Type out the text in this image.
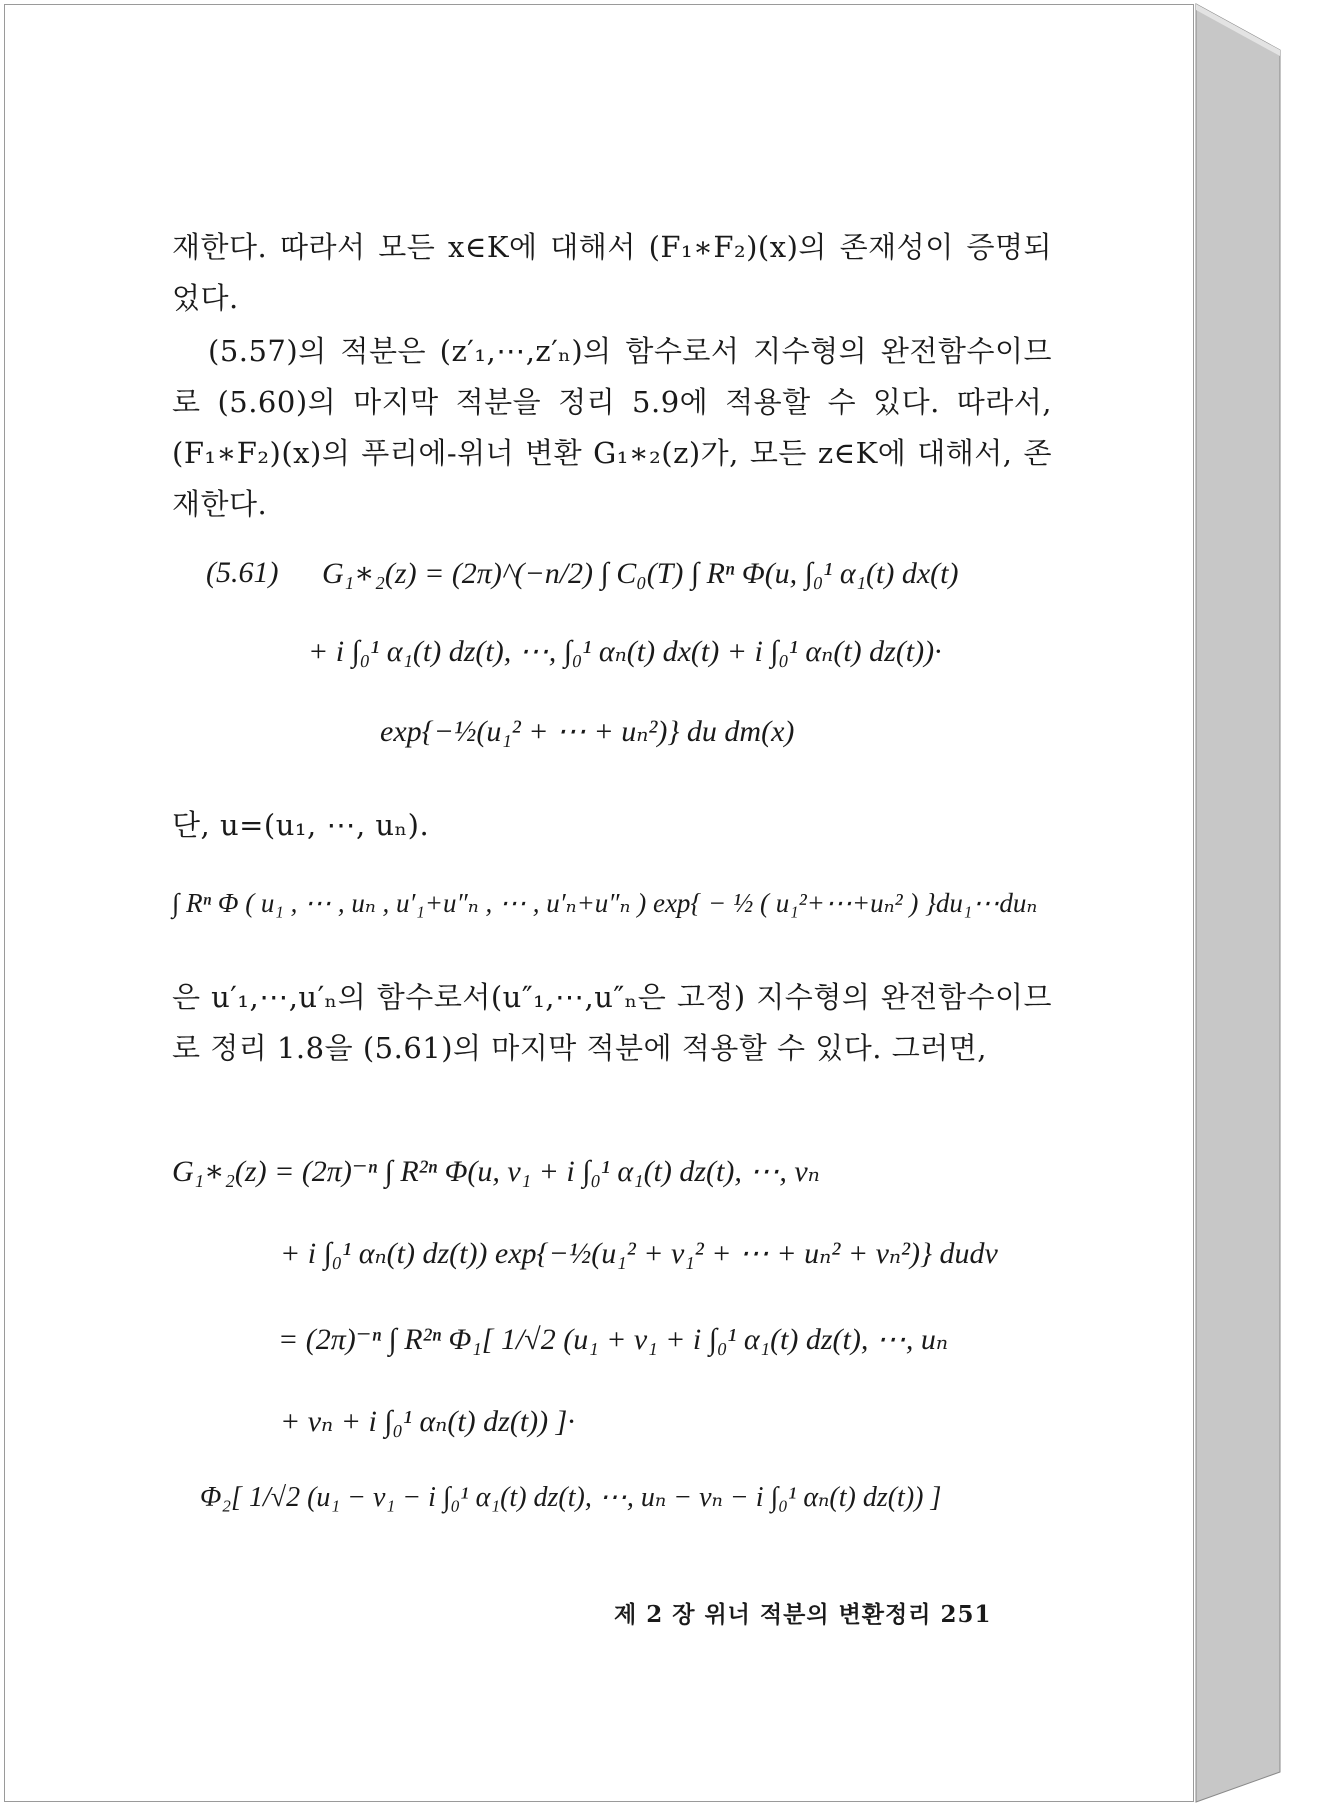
재한다. 따라서 모든 x∈K에 대해서 (F₁∗F₂)(x)의 존재성이 증명되었다.

(5.57)의 적분은 (z′₁,⋯,z′ₙ)의 함수로서 지수형의 완전함수이므로 (5.60)의 마지막 적분을 정리 5.9에 적용할 수 있다. 따라서, (F₁∗F₂)(x)의 푸리에-위너 변환 G₁∗₂(z)가, 모든 z∈K에 대해서, 존재한다.

(5.61) G₁∗₂(z) = (2π)^(−n/2) ∫ C₀(T) ∫ Rⁿ Φ(u, ∫₀¹ α₁(t) dx(t)
+ i ∫₀¹ α₁(t) dz(t), ⋯, ∫₀¹ αₙ(t) dx(t) + i ∫₀¹ αₙ(t) dz(t))·
exp{−½(u₁² + ⋯ + uₙ²)} du dm(x)

단, u=(u₁, ⋯, uₙ).

∫ Rⁿ Φ ( u₁ , ⋯ , uₙ , u′₁+u″ₙ , ⋯ , u′ₙ+u″ₙ ) exp{ − ½ ( u₁²+⋯+uₙ² ) }du₁⋯duₙ

은 u′₁,⋯,u′ₙ의 함수로서(u″₁,⋯,u″ₙ은 고정) 지수형의 완전함수이므로 정리 1.8을 (5.61)의 마지막 적분에 적용할 수 있다. 그러면,

G₁∗₂(z) = (2π)⁻ⁿ ∫ R²ⁿ Φ(u, v₁ + i ∫₀¹ α₁(t) dz(t), ⋯, vₙ
+ i ∫₀¹ αₙ(t) dz(t)) exp{−½(u₁² + v₁² + ⋯ + uₙ² + vₙ²)} dudv
= (2π)⁻ⁿ ∫ R²ⁿ Φ₁[ 1/√2 (u₁ + v₁ + i ∫₀¹ α₁(t) dz(t), ⋯, uₙ
+ vₙ + i ∫₀¹ αₙ(t) dz(t)) ]·
Φ₂[ 1/√2 (u₁ − v₁ − i ∫₀¹ α₁(t) dz(t), ⋯, uₙ − vₙ − i ∫₀¹ αₙ(t) dz(t)) ]
제 2 장 위너 적분의 변환정리 251
